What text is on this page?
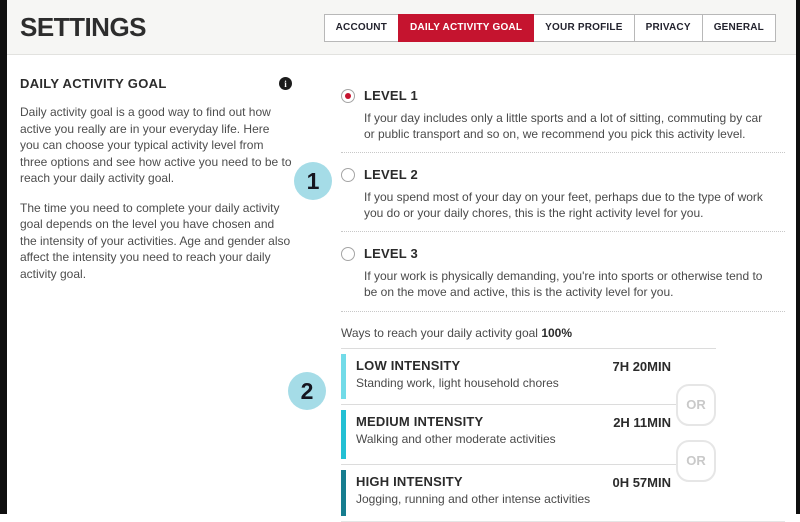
SETTINGS	ACCOUNT	DAILY ACTIVITY GOAL	YOUR PROFILE	PRIVACY	GENERAL
DAILY ACTIVITY GOAL	i

Daily activity goal is a good way to find out how active you really are in your everyday life. Here you can choose your typical activity level from three options and see how active you need to be to reach your daily activity goal.

The time you need to complete your daily activity goal depends on the level you have chosen and the intensity of your activities. Age and gender also affect the intensity you need to reach your daily activity goal.

LEVEL 1
If your day includes only a little sports and a lot of sitting, commuting by car or public transport and so on, we recommend you pick this activity level.
LEVEL 2
If you spend most of your day on your feet, perhaps due to the type of work you do or your daily chores, this is the right activity level for you.
LEVEL 3
If your work is physically demanding, you're into sports or otherwise tend to be on the move and active, this is the activity level for you.
Ways to reach your daily activity goal 100%
LOW INTENSITY
Standing work, light household chores
7H 20MIN
MEDIUM INTENSITY
Walking and other moderate activities
2H 11MIN
HIGH INTENSITY
Jogging, running and other intense activities
0H 57MIN
OR
OR
1
2
